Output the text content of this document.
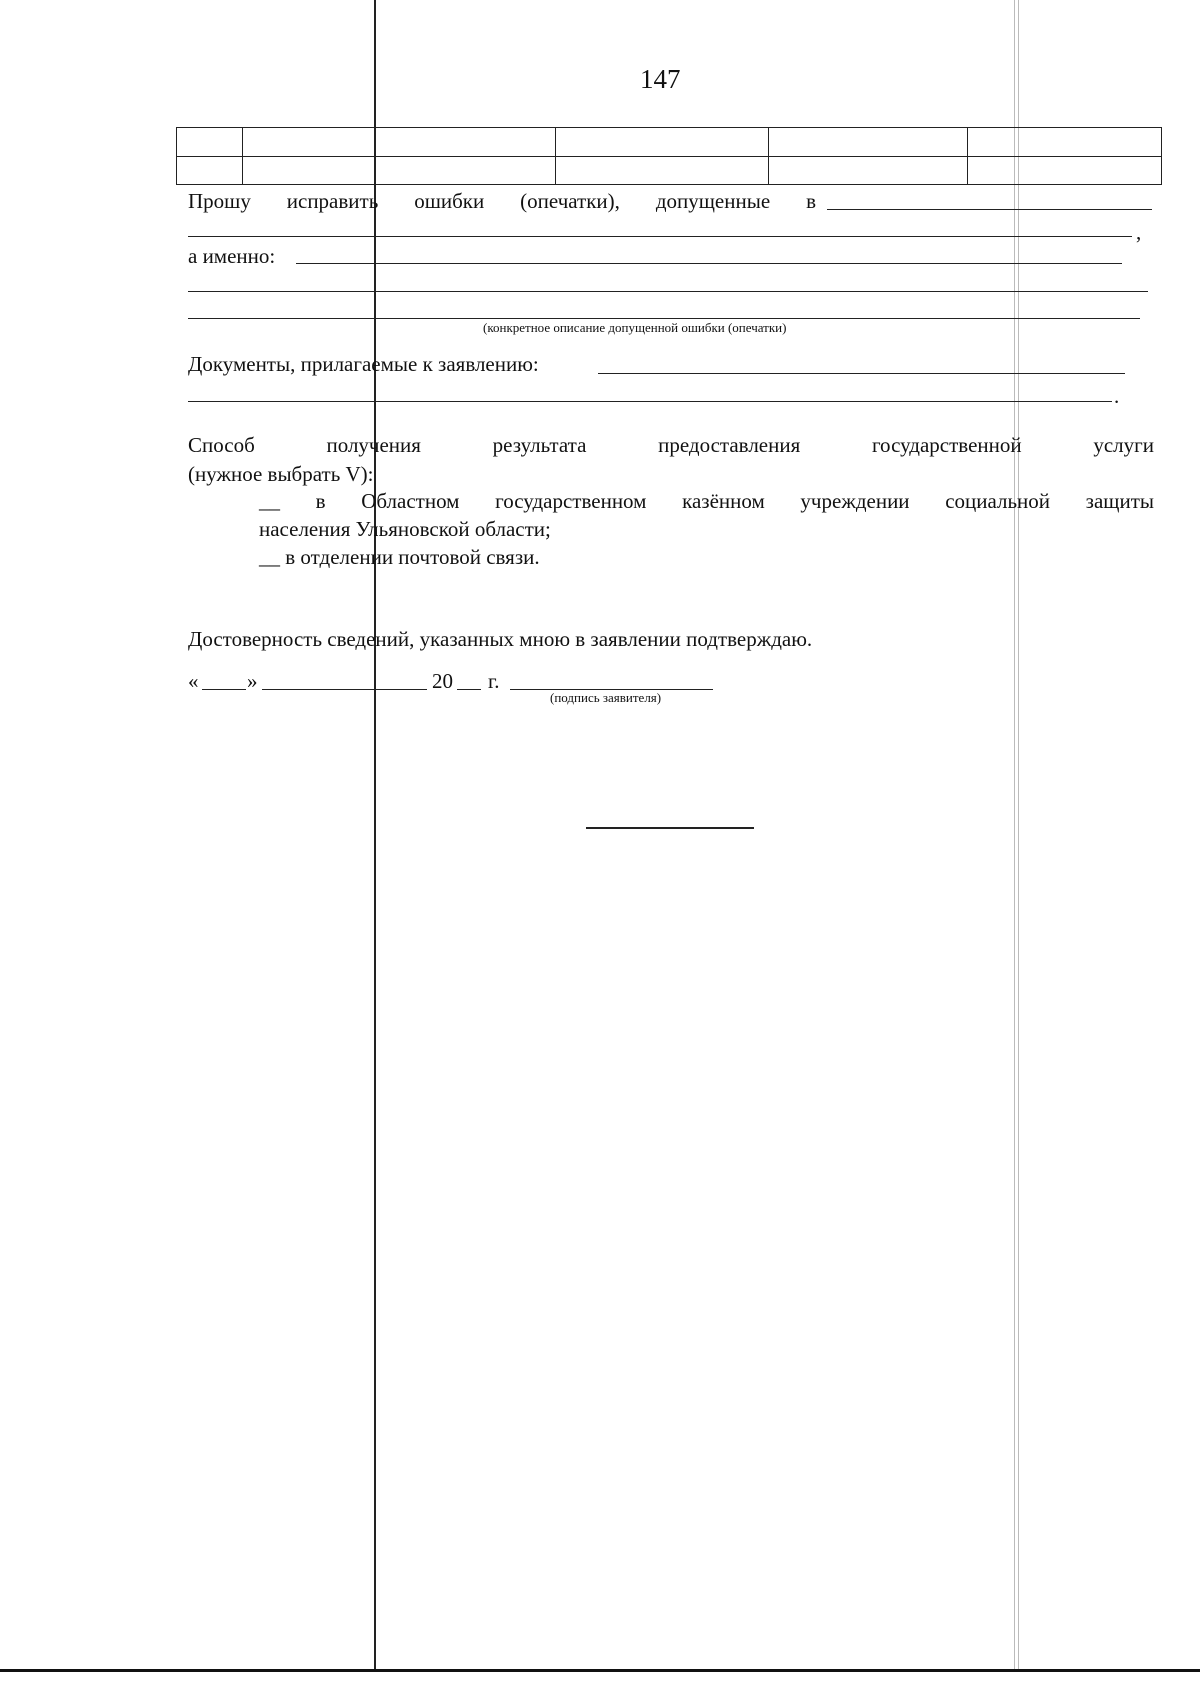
147

Прошу исправить ошибки (опечатки), допущенные в
,
а именно:
(конкретное описание допущенной ошибки (опечатки)
Документы, прилагаемые к заявлению:
.
Способ получения результата предоставления государственной услуги
(нужное выбрать V):
__ в Областном государственном казённом учреждении социальной защиты
населения Ульяновской области;
__ в отделении почтовой связи.
Достоверность сведений, указанных мною в заявлении подтверждаю.
« »	20 г.
(подпись заявителя)
